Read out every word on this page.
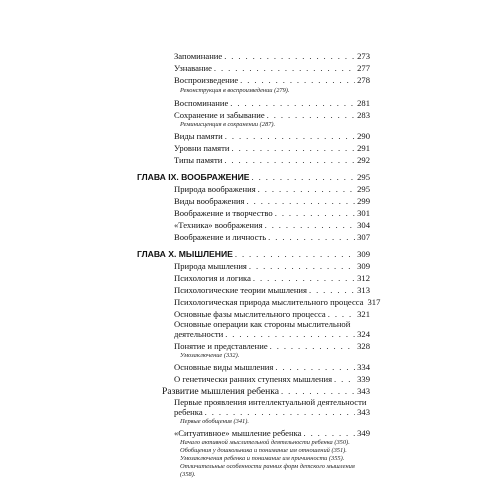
Запоминание . . .	273
Узнавание . . .	277
Воспроизведение . . .	278
Реконструкция в воспроизведении (279).
Воспоминание . . .	281
Сохранение и забывание . . .	283
Реминисценция в сохранении (287).
Виды памяти . . .	290
Уровни памяти . . .	291
Типы памяти . . .	292
ГЛАВА IX. ВООБРАЖЕНИЕ . . .	295
Природа воображения . . .	295
Виды воображения . . .	299
Воображение и творчество . . .	301
«Техника» воображения . . .	304
Воображение и личность . . .	307
ГЛАВА X. МЫШЛЕНИЕ . . .	309
Природа мышления . . .	309
Психология и логика . . .	312
Психологические теории мышления . . .	313
Психологическая природа мыслительного процесса 317
Основные фазы мыслительного процесса . . .	321
Основные операции как стороны мыслительной
деятельности . . .	324
Понятие и представление . . .	328
Умозаключение (332).
Основные виды мышления . . .	334
О генетически ранних ступенях мышления . . .	339
Развитие мышления ребенка . . .	343
Первые проявления интеллектуальной деятельности
ребенка . . .	343
Первые обобщения (341).
«Ситуативное» мышление ребенка . . .	349
Начало активной мыслительной деятельности ребенка (350).
Обобщения у дошкольника и понимание им отношений (351).
Умозаключения ребенка и понимание им причинности (355).
Отличительные особенности ранних форм детского мышления
(358).
